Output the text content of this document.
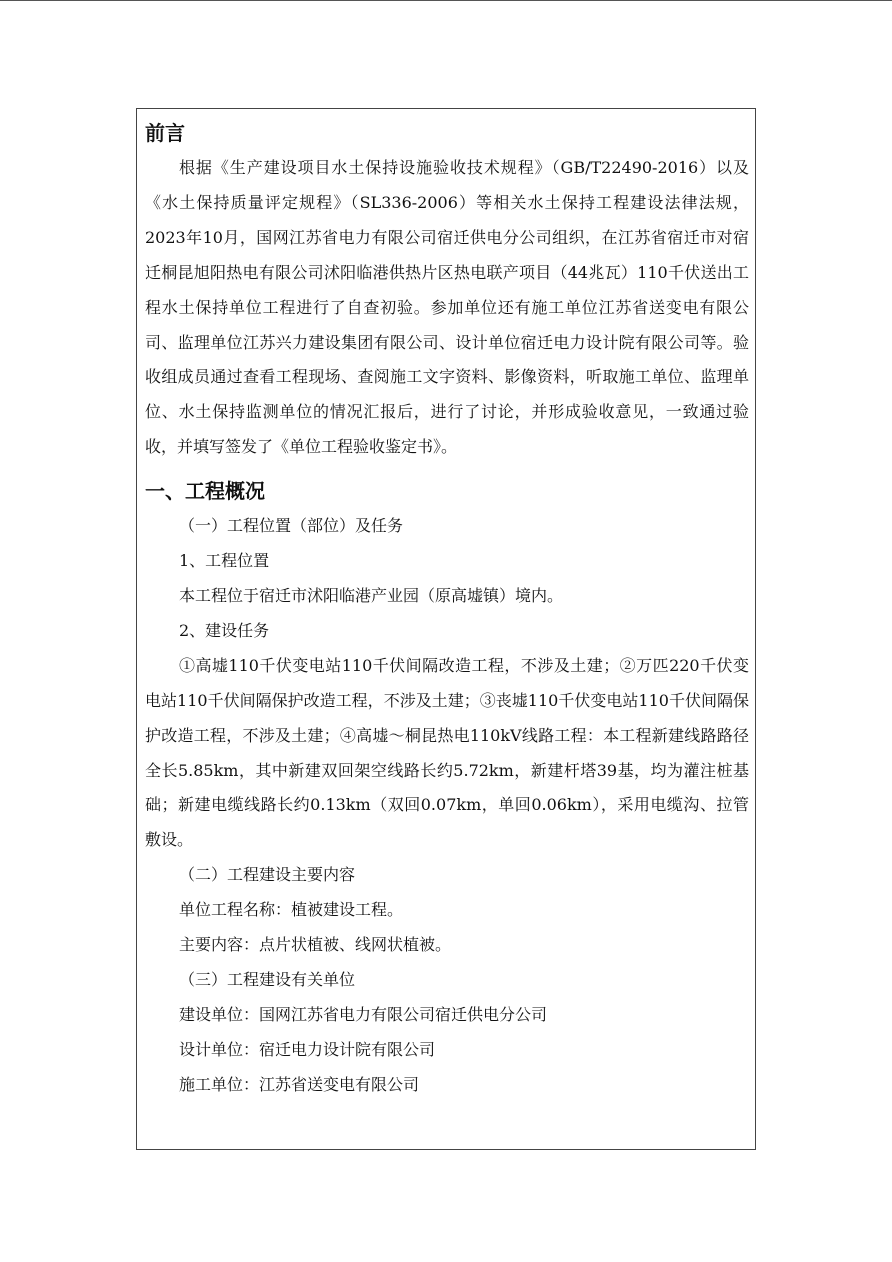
前言

根据《生产建设项目水土保持设施验收技术规程》（GB/T22490-2016）以及《水土保持质量评定规程》（SL336-2006）等相关水土保持工程建设法律法规，2023年10月，国网江苏省电力有限公司宿迁供电分公司组织，在江苏省宿迁市对宿迁桐昆旭阳热电有限公司沭阳临港供热片区热电联产项目（44兆瓦）110千伏送出工程水土保持单位工程进行了自查初验。参加单位还有施工单位江苏省送变电有限公司、监理单位江苏兴力建设集团有限公司、设计单位宿迁电力设计院有限公司等。验收组成员通过查看工程现场、查阅施工文字资料、影像资料，听取施工单位、监理单位、水土保持监测单位的情况汇报后，进行了讨论，并形成验收意见，一致通过验收，并填写签发了《单位工程验收鉴定书》。

一、工程概况

（一）工程位置（部位）及任务

1、工程位置

本工程位于宿迁市沭阳临港产业园（原高墟镇）境内。

2、建设任务

①高墟110千伏变电站110千伏间隔改造工程，不涉及土建；②万匹220千伏变电站110千伏间隔保护改造工程，不涉及土建；③丧墟110千伏变电站110千伏间隔保护改造工程，不涉及土建；④高墟～桐昆热电110kV线路工程：本工程新建线路路径全长5.85km，其中新建双回架空线路长约5.72km，新建杆塔39基，均为灌注桩基础；新建电缆线路长约0.13km（双回0.07km，单回0.06km），采用电缆沟、拉管敷设。

（二）工程建设主要内容

单位工程名称：植被建设工程。

主要内容：点片状植被、线网状植被。

（三）工程建设有关单位

建设单位：国网江苏省电力有限公司宿迁供电分公司

设计单位：宿迁电力设计院有限公司

施工单位：江苏省送变电有限公司
